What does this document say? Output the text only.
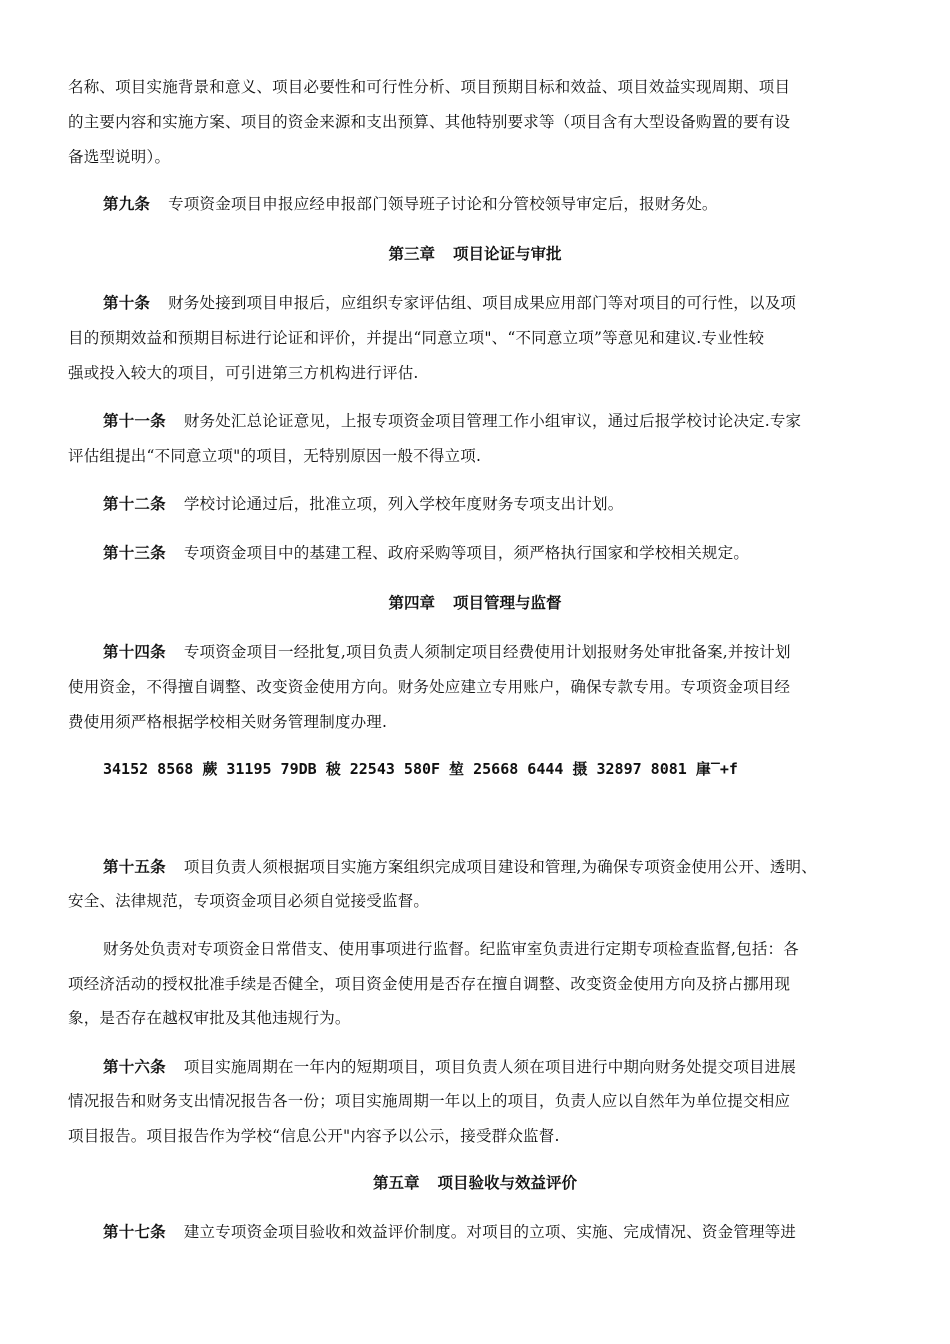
名称、项目实施背景和意义、项目必要性和可行性分析、项目预期目标和效益、项目效益实现周期、项目
的主要内容和实施方案、项目的资金来源和支出预算、其他特别要求等（项目含有大型设备购置的要有设
备选型说明）。
第九条 专项资金项目申报应经申报部门领导班子讨论和分管校领导审定后，报财务处。
第三章 项目论证与审批
第十条 财务处接到项目申报后，应组织专家评估组、项目成果应用部门等对项目的可行性，以及项
目的预期效益和预期目标进行论证和评价，并提出“同意立项"、“不同意立项”等意见和建议.专业性较
强或投入较大的项目，可引进第三方机构进行评估.
第十一条 财务处汇总论证意见，上报专项资金项目管理工作小组审议，通过后报学校讨论决定.专家
评估组提出“不同意立项"的项目，无特别原因一般不得立项.
第十二条 学校讨论通过后，批准立项，列入学校年度财务专项支出计划。
第十三条 专项资金项目中的基建工程、政府采购等项目，须严格执行国家和学校相关规定。
第四章 项目管理与监督
第十四条 专项资金项目一经批复,项目负责人须制定项目经费使用计划报财务处审批备案,并按计划
使用资金，不得擅自调整、改变资金使用方向。财务处应建立专用账户，确保专款专用。专项资金项目经
费使用须严格根据学校相关财务管理制度办理.
34152 8568 蕨 31195 79DB 秛 22543 580F 堏 25668 6444 摄 32897 8081 肁‾+f
第十五条 项目负责人须根据项目实施方案组织完成项目建设和管理,为确保专项资金使用公开、透明、
安全、法律规范，专项资金项目必须自觉接受监督。
财务处负责对专项资金日常借支、使用事项进行监督。纪监审室负责进行定期专项检查监督,包括：各
项经济活动的授权批准手续是否健全，项目资金使用是否存在擅自调整、改变资金使用方向及挤占挪用现
象，是否存在越权审批及其他违规行为。
第十六条 项目实施周期在一年内的短期项目，项目负责人须在项目进行中期向财务处提交项目进展
情况报告和财务支出情况报告各一份；项目实施周期一年以上的项目，负责人应以自然年为单位提交相应
项目报告。项目报告作为学校“信息公开"内容予以公示，接受群众监督.
第五章 项目验收与效益评价
第十七条 建立专项资金项目验收和效益评价制度。对项目的立项、实施、完成情况、资金管理等进
